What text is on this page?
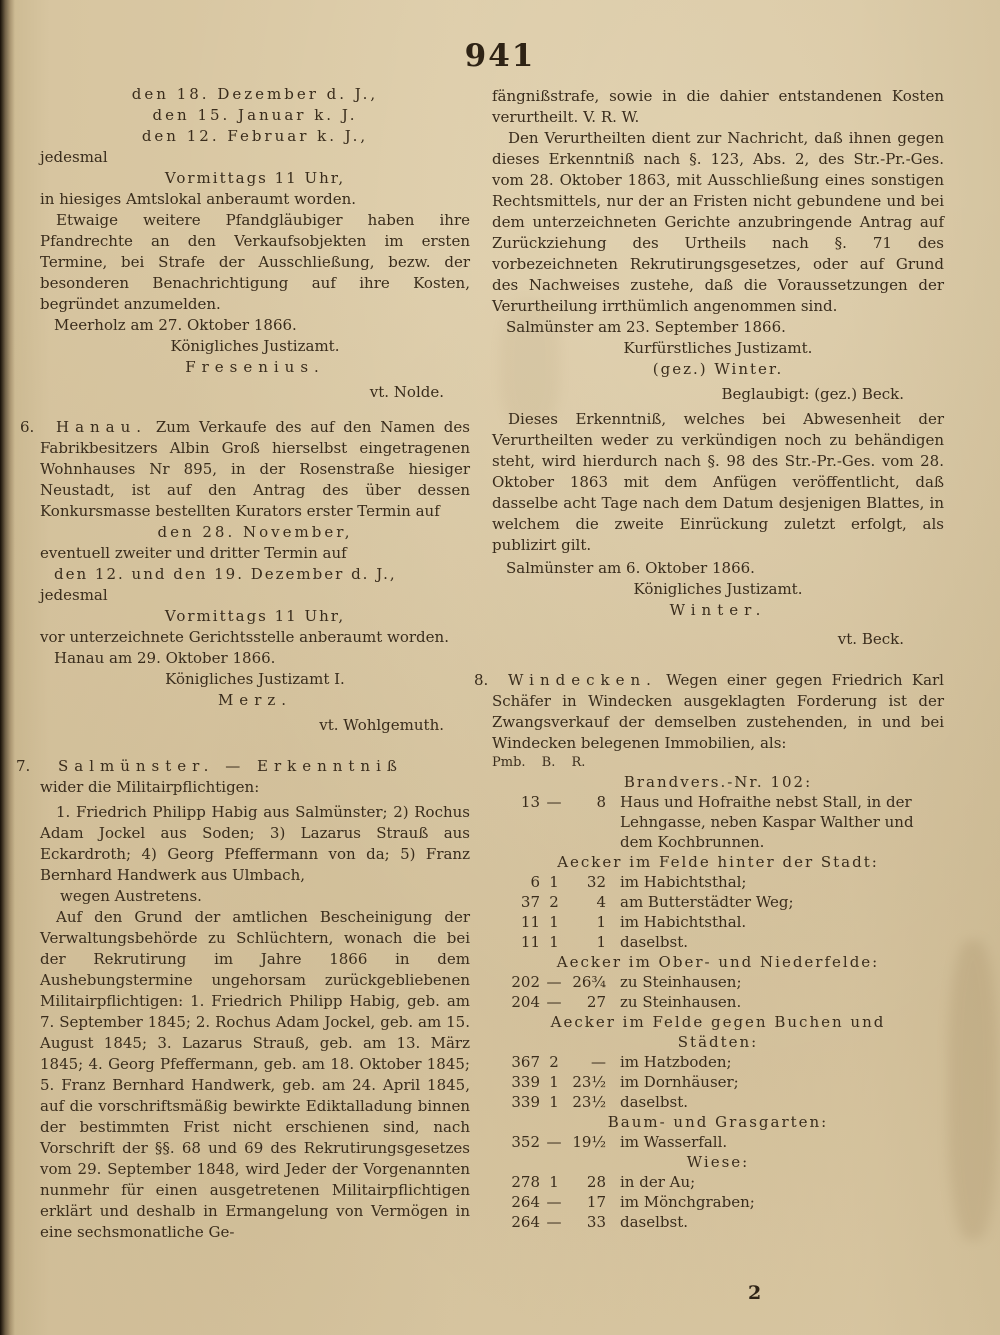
941
den 18. Dezember d. J.,
den 15. Januar k. J.
den 12. Februar k. J.,
jedesmal
Vormittags 11 Uhr,
in hiesiges Amtslokal anberaumt worden.
Etwaige weitere Pfandgläubiger haben ihre Pfandrechte an den Verkaufsobjekten im ersten Termine, bei Strafe der Ausschließung, bezw. der besonderen Benachrichtigung auf ihre Kosten, begründet anzumelden.
Meerholz am 27. Oktober 1866.
Königliches Justizamt.
Fresenius.
vt. Nolde.
6.	Hanau. Zum Verkaufe des auf den Namen des Fabrikbesitzers Albin Groß hierselbst eingetragenen Wohnhauses Nr 895, in der Rosenstraße hiesiger Neustadt, ist auf den Antrag des über dessen Konkursmasse bestellten Kurators erster Termin auf
den 28. November,
eventuell zweiter und dritter Termin auf
den 12. und den 19. Dezember d. J.,
jedesmal
Vormittags 11 Uhr,
vor unterzeichnete Gerichtsstelle anberaumt worden.
Hanau am 29. Oktober 1866.
Königliches Justizamt I.
Merz.
vt. Wohlgemuth.
7.	Salmünster. — Erkenntniß
wider die Militairpflichtigen:
1. Friedrich Philipp Habig aus Salmünster; 2) Rochus Adam Jockel aus Soden; 3) Lazarus Strauß aus Eckardroth; 4) Georg Pfeffermann von da; 5) Franz Bernhard Handwerk aus Ulmbach,
wegen Austretens.
Auf den Grund der amtlichen Bescheinigung der Verwaltungsbehörde zu Schlüchtern, wonach die bei der Rekrutirung im Jahre 1866 in dem Aushebungstermine ungehorsam zurückgebliebenen Militairpflichtigen: 1. Friedrich Philipp Habig, geb. am 7. September 1845; 2. Rochus Adam Jockel, geb. am 15. August 1845; 3. Lazarus Strauß, geb. am 13. März 1845; 4. Georg Pfeffermann, geb. am 18. Oktober 1845; 5. Franz Bernhard Handwerk, geb. am 24. April 1845, auf die vorschriftsmäßig bewirkte Ediktalladung binnen der bestimmten Frist nicht erschienen sind, nach Vorschrift der §§. 68 und 69 des Rekrutirungsgesetzes vom 29. September 1848, wird Jeder der Vorgenannten nunmehr für einen ausgetretenen Militairpflichtigen erklärt und deshalb in Ermangelung von Vermögen in eine sechsmonatliche Ge-
fängnißstrafe, sowie in die dahier entstandenen Kosten verurtheilt. V. R. W.
Den Verurtheilten dient zur Nachricht, daß ihnen gegen dieses Erkenntniß nach §. 123, Abs. 2, des Str.-Pr.-Ges. vom 28. Oktober 1863, mit Ausschließung eines sonstigen Rechtsmittels, nur der an Fristen nicht gebundene und bei dem unterzeichneten Gerichte anzubringende Antrag auf Zurückziehung des Urtheils nach §. 71 des vorbezeichneten Rekrutirungsgesetzes, oder auf Grund des Nachweises zustehe, daß die Voraussetzungen der Verurtheilung irrthümlich angenommen sind.
Salmünster am 23. September 1866.
Kurfürstliches Justizamt.
(gez.) Winter.
Beglaubigt: (gez.) Beck.
Dieses Erkenntniß, welches bei Abwesenheit der Verurtheilten weder zu verkündigen noch zu behändigen steht, wird hierdurch nach §. 98 des Str.-Pr.-Ges. vom 28. Oktober 1863 mit dem Anfügen veröffentlicht, daß dasselbe acht Tage nach dem Datum desjenigen Blattes, in welchem die zweite Einrückung zuletzt erfolgt, als publizirt gilt.
Salmünster am 6. Oktober 1866.
Königliches Justizamt.
Winter.
vt. Beck.
8.	Windecken. Wegen einer gegen Friedrich Karl Schäfer in Windecken ausgeklagten Forderung ist der Zwangsverkauf der demselben zustehenden, in und bei Windecken belegenen Immobilien, als:
Pmb. B. R.
Brandvers.-Nr. 102:
13 —	8 Haus und Hofraithe nebst Stall, in der Lehngasse, neben Kaspar Walther und dem Kochbrunnen.
Aecker im Felde hinter der Stadt:
6 1	32 im Habichtsthal;
37 2	4 am Butterstädter Weg;
11 1	1 im Habichtsthal.
11 1	1 daselbst.
Aecker im Ober- und Niederfelde:
202 — 26¾ zu Steinhausen;
204 —	27 zu Steinhausen.
Aecker im Felde gegen Buchen und Städten:
367 2	— im Hatzboden;
339 1 23½ im Dornhäuser;
339 1 23½ daselbst.
Baum- und Grasgarten:
352 — 19½ im Wasserfall.
Wiese:
278 1	28 in der Au;
264 —	17 im Mönchgraben;
264 —	33 daselbst.
2
